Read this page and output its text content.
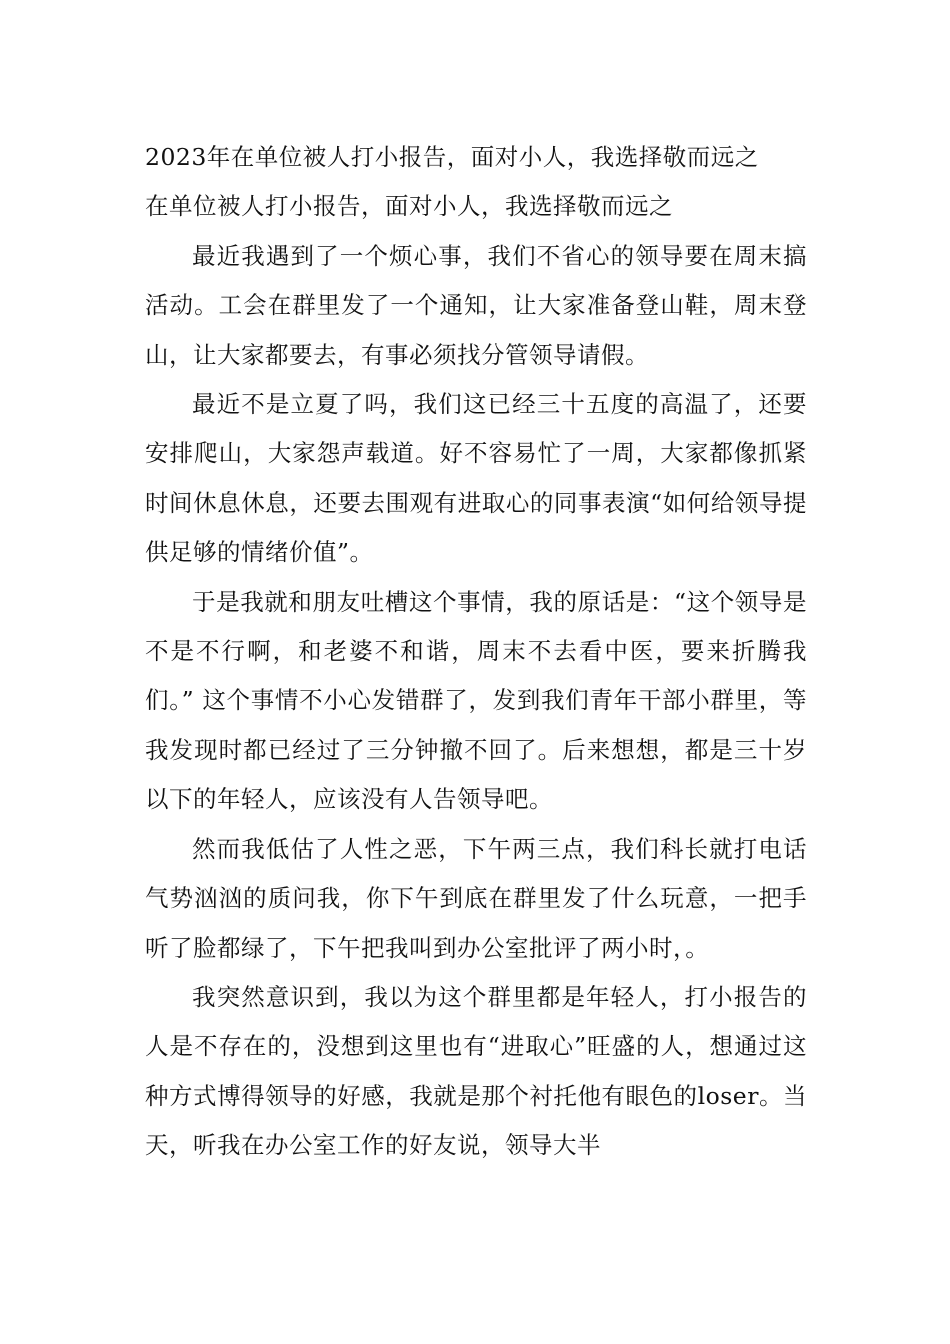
2023年在单位被人打小报告，面对小人，我选择敬而远之

在单位被人打小报告，面对小人，我选择敬而远之

最近我遇到了一个烦心事，我们不省心的领导要在周末搞活动。工会在群里发了一个通知，让大家准备登山鞋，周末登山，让大家都要去，有事必须找分管领导请假。

最近不是立夏了吗，我们这已经三十五度的高温了，还要安排爬山，大家怨声载道。好不容易忙了一周，大家都像抓紧时间休息休息，还要去围观有进取心的同事表演“如何给领导提供足够的情绪价值”。

于是我就和朋友吐槽这个事情，我的原话是：“这个领导是不是不行啊，和老婆不和谐，周末不去看中医，要来折腾我们。” 这个事情不小心发错群了，发到我们青年干部小群里，等我发现时都已经过了三分钟撤不回了。后来想想，都是三十岁以下的年轻人，应该没有人告领导吧。

然而我低估了人性之恶，下午两三点，我们科长就打电话气势汹汹的质问我，你下午到底在群里发了什么玩意，一把手听了脸都绿了，下午把我叫到办公室批评了两小时，。

我突然意识到，我以为这个群里都是年轻人，打小报告的人是不存在的，没想到这里也有“进取心”旺盛的人，想通过这种方式博得领导的好感，我就是那个衬托他有眼色的loser。当天，听我在办公室工作的好友说，领导大半
